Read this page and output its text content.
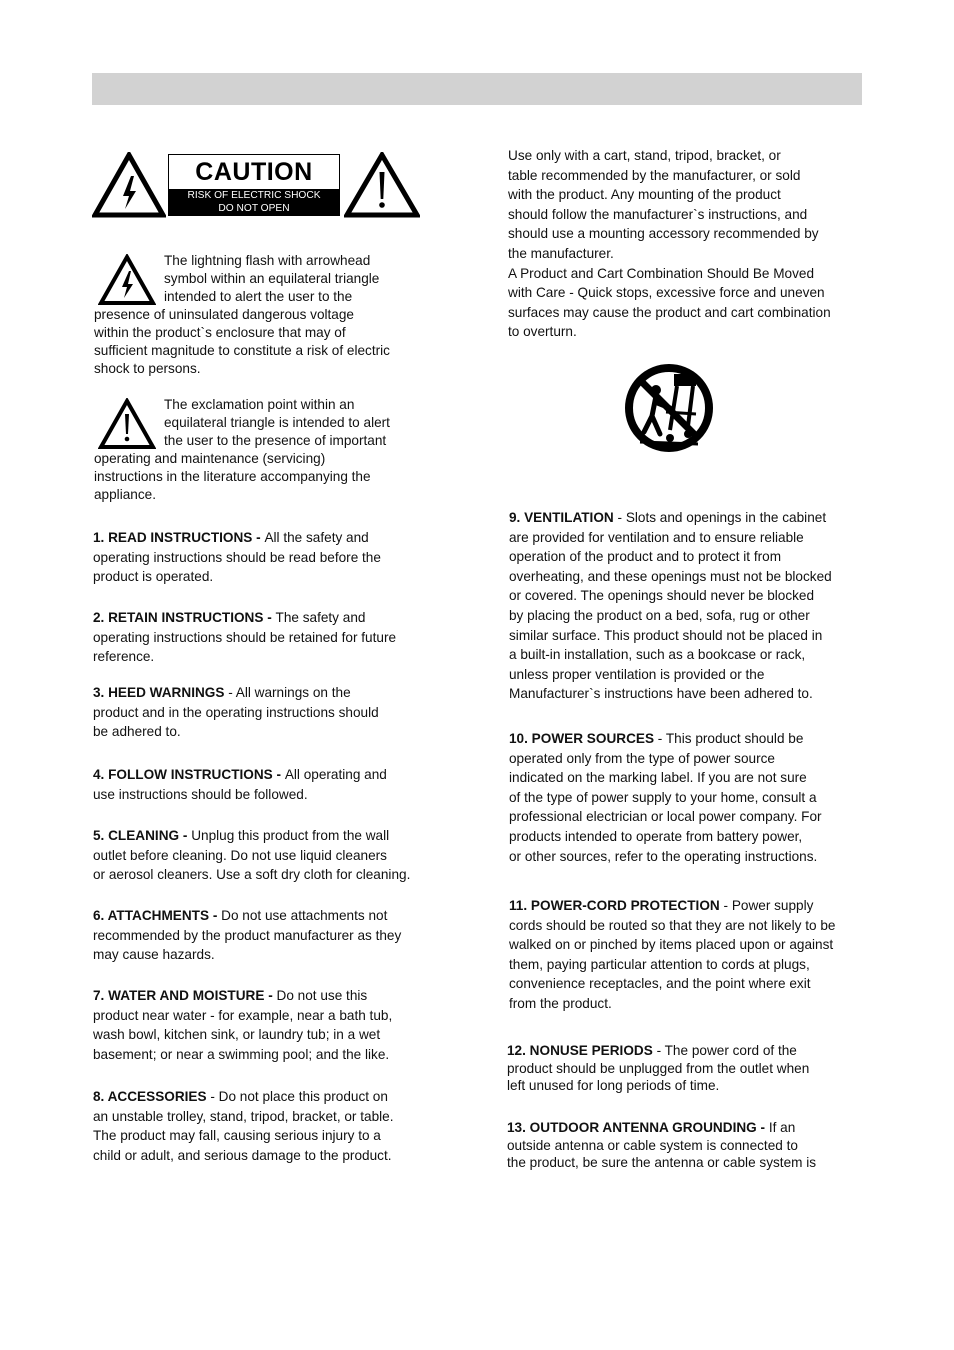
CAUTION
RISK OF ELECTRIC SHOCK
DO NOT OPEN

The lightning flash with arrowhead

symbol within an equilateral triangle

intended to alert the user to the

presence of uninsulated dangerous voltage

within the product`s enclosure that may of

sufficient magnitude to constitute a risk of electric

shock to persons.

The exclamation point within an

equilateral triangle is intended to alert

the user to the presence of important

operating and maintenance (servicing)

instructions in the literature accompanying the

appliance.

1. READ INSTRUCTIONS - All the safety and

operating instructions should be read before the

product is operated.

2. RETAIN INSTRUCTIONS - The safety and

operating instructions should be retained for future

reference.

3. HEED WARNINGS - All warnings on the

product and in the operating instructions should

be adhered to.

4. FOLLOW INSTRUCTIONS - All operating and

use instructions should be followed.

5. CLEANING - Unplug this product from the wall

outlet before cleaning. Do not use liquid cleaners

or aerosol cleaners. Use a soft dry cloth for cleaning.

6. ATTACHMENTS - Do not use attachments not

recommended by the product manufacturer as they

may cause hazards.

7. WATER AND MOISTURE - Do not use this

product near water - for example, near a bath tub,

wash bowl, kitchen sink, or laundry tub; in a wet

basement; or near a swimming pool; and the like.

8. ACCESSORIES - Do not place this product on

an unstable trolley, stand, tripod, bracket, or table.

The product may fall, causing serious injury to a

child or adult, and serious damage to the product.

Use only with a cart, stand, tripod, bracket, or

table recommended by the manufacturer, or sold

with the product. Any mounting of the product

should follow the manufacturer`s instructions, and

should use a mounting accessory recommended by

the manufacturer.

A Product and Cart Combination Should Be Moved

with Care - Quick stops, excessive force and uneven

surfaces may cause the product and cart combination

to overturn.

9. VENTILATION - Slots and openings in the cabinet

are provided for ventilation and to ensure reliable

operation of the product and to protect it from

overheating, and these openings must not be blocked

or covered. The openings should never be blocked

by placing the product on a bed, sofa, rug or other

similar surface. This product should not be placed in

a built-in installation, such as a bookcase or rack,

unless proper ventilation is provided or the

Manufacturer`s instructions have been adhered to.

10. POWER SOURCES - This product should be

operated only from the type of power source

indicated on the marking label. If you are not sure

of the type of power supply to your home, consult a

professional electrician or local power company. For

products intended to operate from battery power,

or other sources, refer to the operating instructions.

11. POWER-CORD PROTECTION - Power supply

cords should be routed so that they are not likely to be

walked on or pinched by items placed upon or against

them, paying particular attention to cords at plugs,

convenience receptacles, and the point where exit

from the product.

12. NONUSE PERIODS - The power cord of the

product should be unplugged from the outlet when

left unused for long periods of time.

13. OUTDOOR ANTENNA GROUNDING - If an

outside antenna or cable system is connected to

the product, be sure the antenna or cable system is
